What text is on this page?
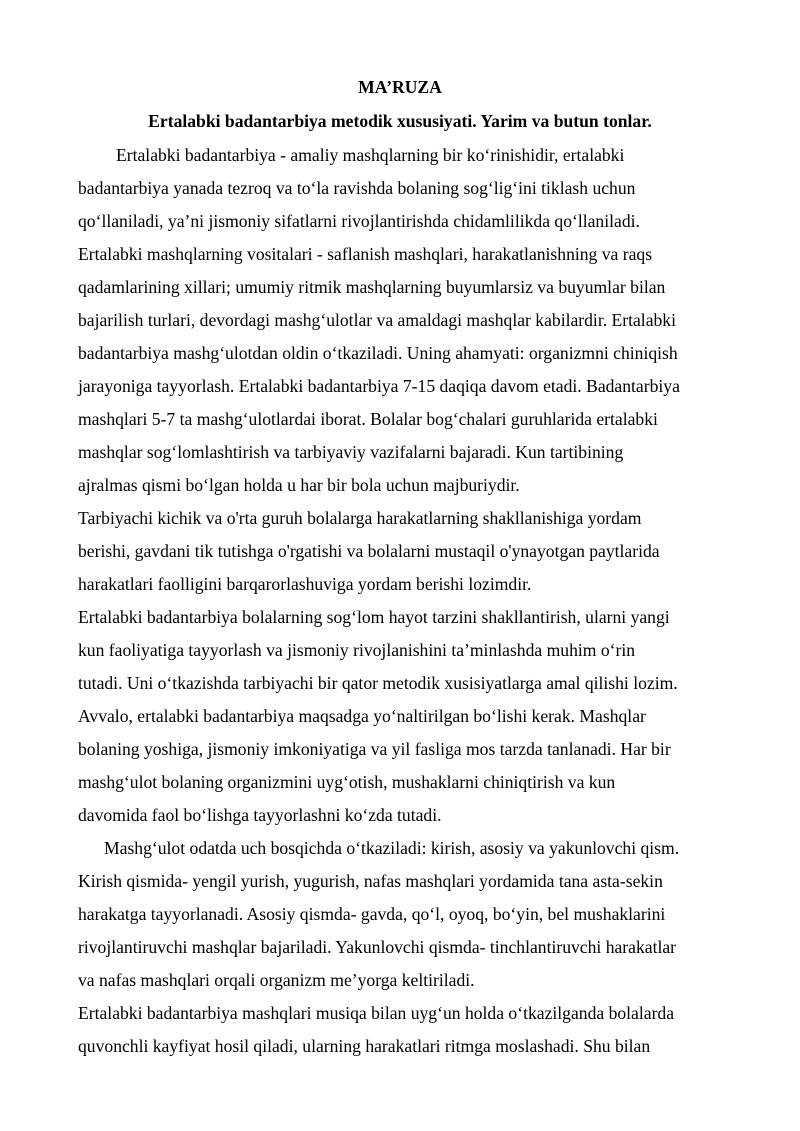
MA’RUZA
Ertalabki badantarbiya metodik xususiyati. Yarim va butun tonlar.

Ertalabki badantarbiya - amaliy mashqlarning bir ko‘rinishidir, ertalabki

badantarbiya yanada tezroq va to‘la ravishda bolaning sog‘lig‘ini tiklash uchun

qo‘llaniladi, ya’ni jismoniy sifatlarni rivojlantirishda chidamlilikda qo‘llaniladi.

Ertalabki mashqlarning vositalari - saflanish mashqlari, harakatlanishning va raqs

qadamlarining xillari; umumiy ritmik mashqlarning buyumlarsiz va buyumlar bilan

bajarilish turlari, devordagi mashg‘ulotlar va amaldagi mashqlar kabilardir. Ertalabki

badantarbiya mashg‘ulotdan oldin o‘tkaziladi. Uning ahamyati: organizmni chiniqish

jarayoniga tayyorlash. Ertalabki badantarbiya 7-15 daqiqa davom etadi. Badantarbiya

mashqlari 5-7 ta mashg‘ulotlardai iborat. Bolalar bog‘chalari guruhlarida ertalabki

mashqlar sog‘lomlashtirish va tarbiyaviy vazifalarni bajaradi. Kun tartibining

ajralmas qismi bo‘lgan holda u har bir bola uchun majburiydir.

Tarbiyachi kichik va o'rta guruh bolalarga harakatlarning shakllanishiga yordam

berishi, gavdani tik tutishga o'rgatishi va bolalarni mustaqil o'ynayotgan paytlarida

harakatlari faolligini barqarorlashuviga yordam berishi lozimdir.

Ertalabki badantarbiya bolalarning sog‘lom hayot tarzini shakllantirish, ularni yangi

kun faoliyatiga tayyorlash va jismoniy rivojlanishini ta’minlashda muhim o‘rin

tutadi. Uni o‘tkazishda tarbiyachi bir qator metodik xusisiyatlarga amal qilishi lozim.

Avvalo, ertalabki badantarbiya maqsadga yo‘naltirilgan bo‘lishi kerak. Mashqlar

bolaning yoshiga, jismoniy imkoniyatiga va yil fasliga mos tarzda tanlanadi. Har bir

mashg‘ulot bolaning organizmini uyg‘otish, mushaklarni chiniqtirish va kun

davomida faol bo‘lishga tayyorlashni ko‘zda tutadi.

Mashg‘ulot odatda uch bosqichda o‘tkaziladi: kirish, asosiy va yakunlovchi qism.

Kirish qismida- yengil yurish, yugurish, nafas mashqlari yordamida tana asta-sekin

harakatga tayyorlanadi. Asosiy qismda- gavda, qo‘l, oyoq, bo‘yin, bel mushaklarini

rivojlantiruvchi mashqlar bajariladi. Yakunlovchi qismda- tinchlantiruvchi harakatlar

va nafas mashqlari orqali organizm me’yorga keltiriladi.

Ertalabki badantarbiya mashqlari musiqa bilan uyg‘un holda o‘tkazilganda bolalarda

quvonchli kayfiyat hosil qiladi, ularning harakatlari ritmga moslashadi. Shu bilan
